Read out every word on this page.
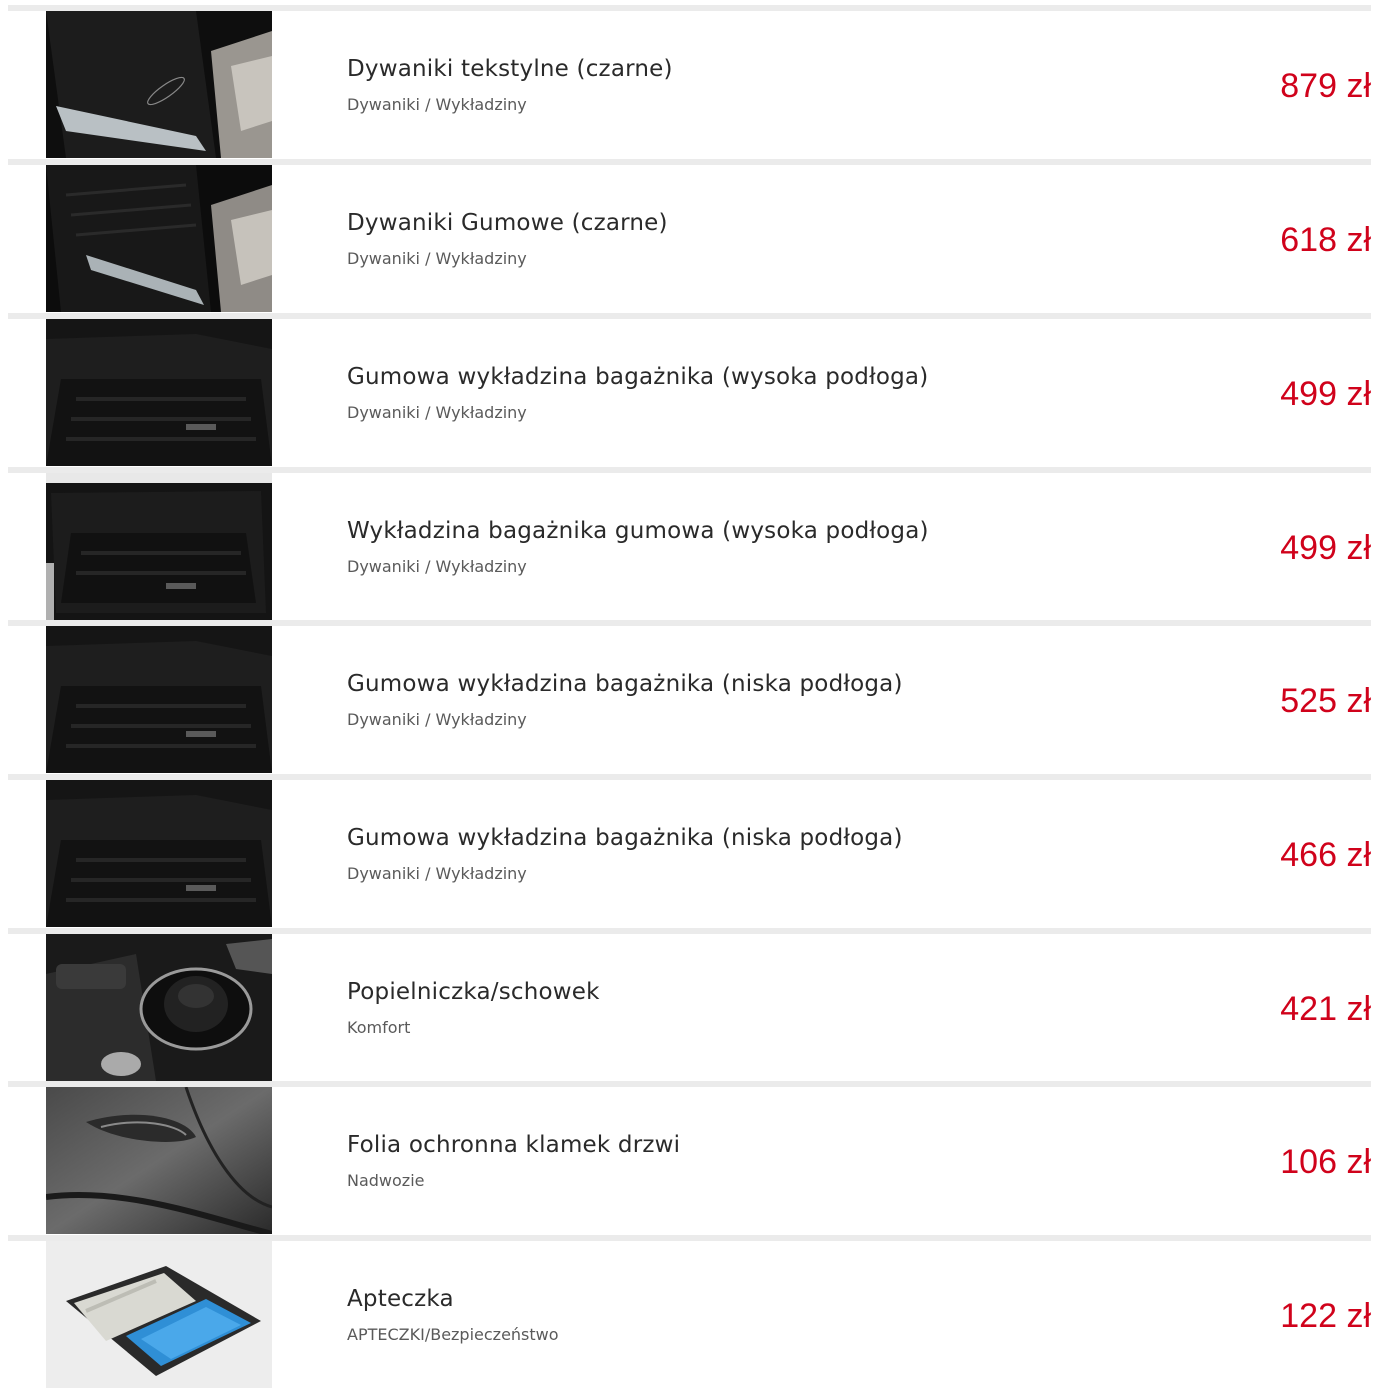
Dywaniki tekstylne (czarne)
Dywaniki / Wykładziny	879 zł
Dywaniki Gumowe (czarne)
Dywaniki / Wykładziny	618 zł
Gumowa wykładzina bagażnika (wysoka podłoga)
Dywaniki / Wykładziny	499 zł
Wykładzina bagażnika gumowa (wysoka podłoga)
Dywaniki / Wykładziny	499 zł
Gumowa wykładzina bagażnika (niska podłoga)
Dywaniki / Wykładziny	525 zł
Gumowa wykładzina bagażnika (niska podłoga)
Dywaniki / Wykładziny	466 zł
Popielniczka/schowek
Komfort	421 zł
Folia ochronna klamek drzwi
Nadwozie	106 zł
Apteczka
APTECZKI/Bezpieczeństwo	122 zł
